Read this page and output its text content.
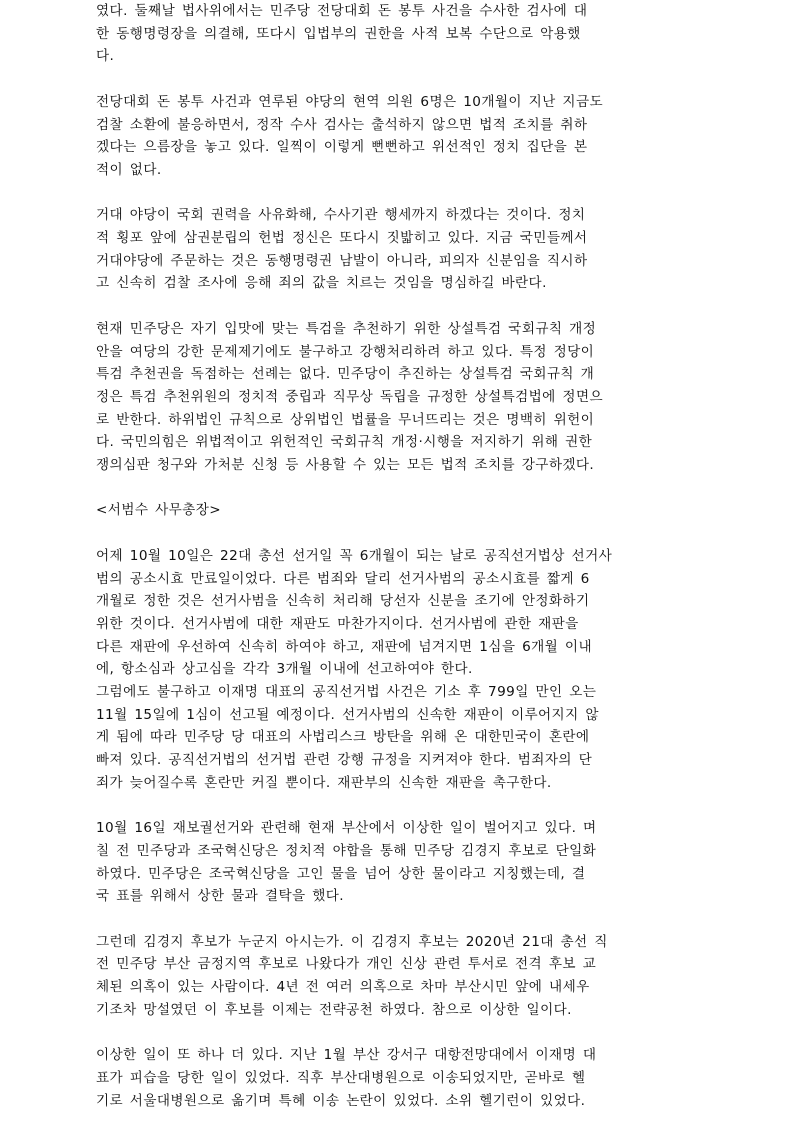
였다. 둘째날 법사위에서는 민주당 전당대회 돈 봉투 사건을 수사한 검사에 대
한 동행명령장을 의결해, 또다시 입법부의 권한을 사적 보복 수단으로 악용했
다.

전당대회 돈 봉투 사건과 연루된 야당의 현역 의원 6명은 10개월이 지난 지금도
검찰 소환에 불응하면서, 정작 수사 검사는 출석하지 않으면 법적 조치를 취하
겠다는 으름장을 놓고 있다. 일찍이 이렇게 뻔뻔하고 위선적인 정치 집단을 본
적이 없다.

거대 야당이 국회 권력을 사유화해, 수사기관 행세까지 하겠다는 것이다. 정치
적 횡포 앞에 삼권분립의 헌법 정신은 또다시 짓밟히고 있다. 지금 국민들께서
거대야당에 주문하는 것은 동행명령권 남발이 아니라, 피의자 신분임을 직시하
고 신속히 검찰 조사에 응해 죄의 값을 치르는 것임을 명심하길 바란다.

현재 민주당은 자기 입맛에 맞는 특검을 추천하기 위한 상설특검 국회규칙 개정
안을 여당의 강한 문제제기에도 불구하고 강행처리하려 하고 있다. 특정 정당이
특검 추천권을 독점하는 선례는 없다. 민주당이 추진하는 상설특검 국회규칙 개
정은 특검 추천위원의 정치적 중립과 직무상 독립을 규정한 상설특검법에 정면으
로 반한다. 하위법인 규칙으로 상위법인 법률을 무너뜨리는 것은 명백히 위헌이
다. 국민의힘은 위법적이고 위헌적인 국회규칙 개정·시행을 저지하기 위해 권한
쟁의심판 청구와 가처분 신청 등 사용할 수 있는 모든 법적 조치를 강구하겠다.

<서범수 사무총장>

어제 10월 10일은 22대 총선 선거일 꼭 6개월이 되는 날로 공직선거법상 선거사
범의 공소시효 만료일이었다. 다른 범죄와 달리 선거사범의 공소시효를 짧게 6
개월로 정한 것은 선거사범을 신속히 처리해 당선자 신분을 조기에 안정화하기
위한 것이다. 선거사범에 대한 재판도 마찬가지이다. 선거사범에 관한 재판을
다른 재판에 우선하여 신속히 하여야 하고, 재판에 넘겨지면 1심을 6개월 이내
에, 항소심과 상고심을 각각 3개월 이내에 선고하여야 한다.
그럼에도 불구하고 이재명 대표의 공직선거법 사건은 기소 후 799일 만인 오는
11월 15일에 1심이 선고될 예정이다. 선거사범의 신속한 재판이 이루어지지 않
게 됨에 따라 민주당 당 대표의 사법리스크 방탄을 위해 온 대한민국이 혼란에
빠져 있다. 공직선거법의 선거법 관련 강행 규정을 지켜져야 한다. 범죄자의 단
죄가 늦어질수록 혼란만 커질 뿐이다. 재판부의 신속한 재판을 촉구한다.

10월 16일 재보궐선거와 관련해 현재 부산에서 이상한 일이 벌어지고 있다. 며
칠 전 민주당과 조국혁신당은 정치적 야합을 통해 민주당 김경지 후보로 단일화
하였다. 민주당은 조국혁신당을 고인 물을 넘어 상한 물이라고 지칭했는데, 결
국 표를 위해서 상한 물과 결탁을 했다.

그런데 김경지 후보가 누군지 아시는가. 이 김경지 후보는 2020년 21대 총선 직
전 민주당 부산 금정지역 후보로 나왔다가 개인 신상 관련 투서로 전격 후보 교
체된 의혹이 있는 사람이다. 4년 전 여러 의혹으로 차마 부산시민 앞에 내세우
기조차 망설였던 이 후보를 이제는 전략공천 하였다. 참으로 이상한 일이다.

이상한 일이 또 하나 더 있다. 지난 1월 부산 강서구 대항전망대에서 이재명 대
표가 피습을 당한 일이 있었다. 직후 부산대병원으로 이송되었지만, 곧바로 헬
기로 서울대병원으로 옮기며 특혜 이송 논란이 있었다. 소위 헬기런이 있었다.
